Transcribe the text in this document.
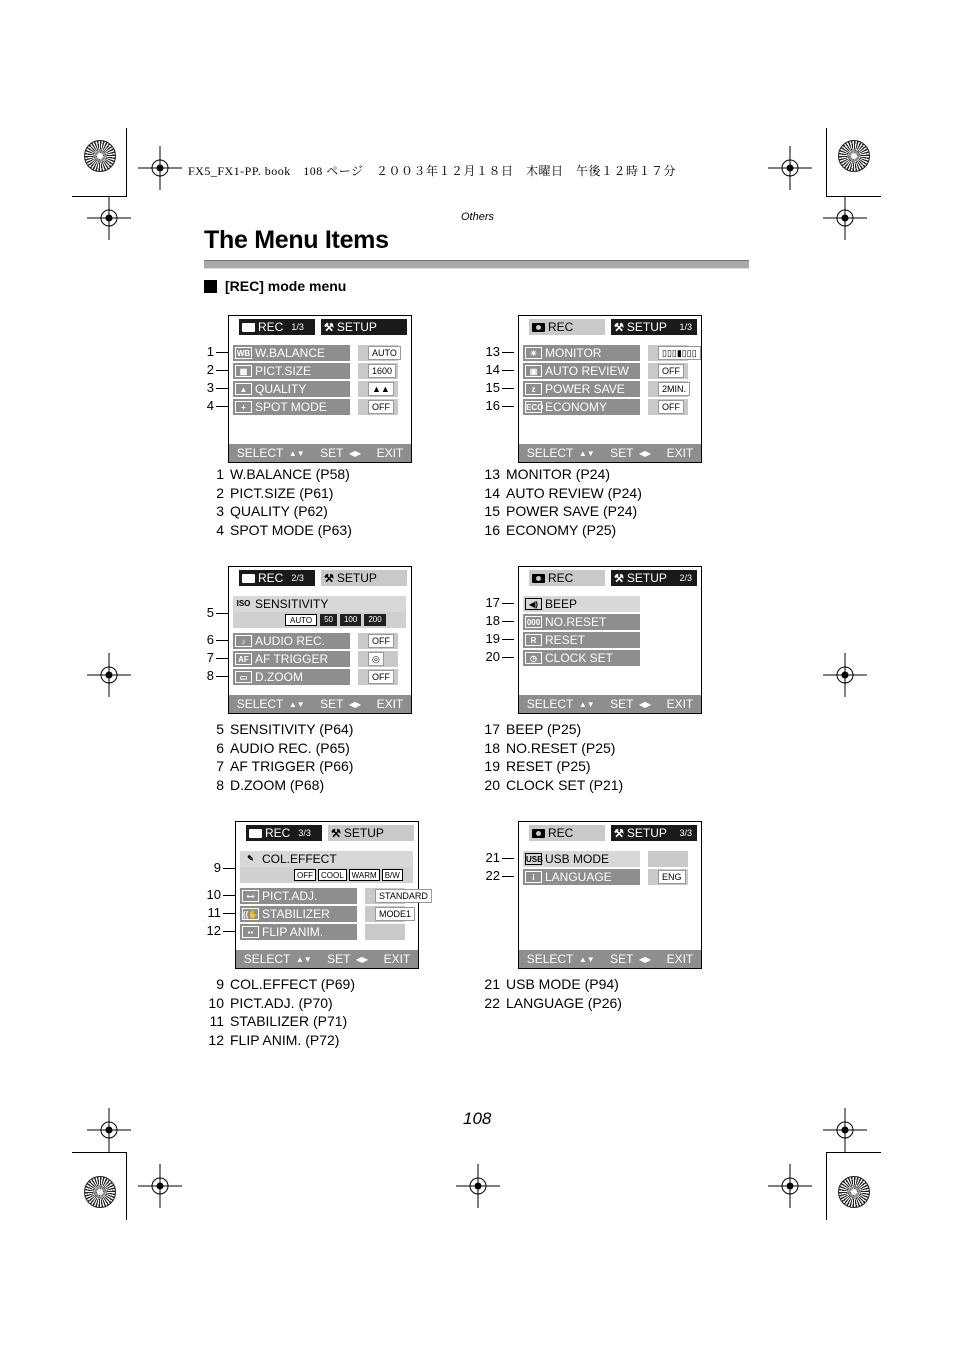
FX5_FX1-PP. book　108 ページ　２００３年１２月１８日　木曜日　午後１２時１７分
Others
The Menu Items
[REC] mode menu
REC 1/3 ⚒ SETUP
WB W.BALANCE	AUTO
▦ PICT.SIZE	1600
▲ QUALITY	▲▲
+ SPOT MODE	OFF
SELECT ▲▼ SET ◀▶ EXIT
1
2
3
4
1 W.BALANCE (P58)
2 PICT.SIZE (P61)
3 QUALITY (P62)
4 SPOT MODE (P63)
REC	⚒ SETUP 1/3
☀ MONITOR	▯▯▯▮▯▯▯
▣ AUTO REVIEW	OFF
z POWER SAVE	2MIN.
ECO ECONOMY	OFF
SELECT ▲▼ SET ◀▶ EXIT
13
14
15
16
13 MONITOR (P24)
14 AUTO REVIEW (P24)
15 POWER SAVE (P24)
16 ECONOMY (P25)
REC 2/3 ⚒ SETUP
ISO SENSITIVITY
AUTO	50	100	200
♪ AUDIO REC.	OFF
AF AF TRIGGER	◎
▭ D.ZOOM	OFF
SELECT ▲▼ SET ◀▶ EXIT
5
6
7
8
5 SENSITIVITY (P64)
6 AUDIO REC. (P65)
7 AF TRIGGER (P66)
8 D.ZOOM (P68)
REC	⚒ SETUP 2/3
◀) BEEP
000 NO.RESET
R RESET
◷ CLOCK SET
SELECT ▲▼ SET ◀▶ EXIT
17
18
19
20
17 BEEP (P25)
18 NO.RESET (P25)
19 RESET (P25)
20 CLOCK SET (P21)
REC 3/3 ⚒ SETUP
✎ COL.EFFECT
OFF	COOL	WARM	B/W
⊶ PICT.ADJ.	STANDARD
((✋ STABILIZER	MODE1
▪▪ FLIP ANIM.
SELECT ▲▼ SET ◀▶ EXIT
9
10
11
12
9 COL.EFFECT (P69)
10 PICT.ADJ. (P70)
11 STABILIZER (P71)
12 FLIP ANIM. (P72)
REC	⚒ SETUP 3/3
USB USB MODE
i LANGUAGE	ENG
SELECT ▲▼ SET ◀▶ EXIT
21
22
21 USB MODE (P94)
22 LANGUAGE (P26)
108
